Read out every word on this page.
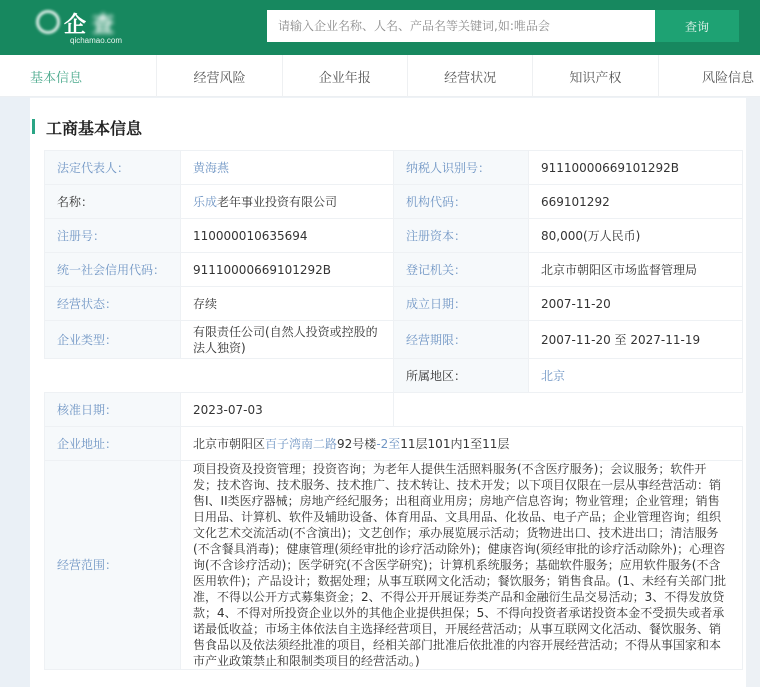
企查
qichamao.com
请输入企业名称、人名、产品名等关键词,如:唯品会
查询
基本信息	经营风险	企业年报	经营状况	知识产权	风险信息
工商基本信息
法定代表人：	黄海燕	纳税人识别号：	91110000669101292B
名称：	乐成老年事业投资有限公司	机构代码：	669101292
注册号：	110000010635694	注册资本：	80,000(万人民币)
统一社会信用代码：	91110000669101292B	登记机关：	北京市朝阳区市场监督管理局
经营状态：	存续	成立日期：	2007-11-20
企业类型：	有限责任公司(自然人投资或控股的法人独资)	经营期限：	2007-11-20 至 2027-11-19
		所属地区：	北京
核准日期：	2023-07-03		
企业地址：	北京市朝阳区百子湾南二路92号楼-2至11层101内1至11层		
经营范围：	项目投资及投资管理；投资咨询；为老年人提供生活照料服务(不含医疗服务)；会议服务；软件开发；技术咨询、技术服务、技术推广、技术转让、技术开发；以下项目仅限在一层从事经营活动：销售I、II类医疗器械；房地产经纪服务；出租商业用房；房地产信息咨询；物业管理；企业管理；销售日用品、计算机、软件及辅助设备、体育用品、文具用品、化妆品、电子产品；企业管理咨询；组织文化艺术交流活动(不含演出)；文艺创作；承办展览展示活动；货物进出口、技术进出口；清洁服务(不含餐具消毒)；健康管理(须经审批的诊疗活动除外)；健康咨询(须经审批的诊疗活动除外)；心理咨询(不含诊疗活动)；医学研究(不含医学研究)；计算机系统服务；基础软件服务；应用软件服务(不含医用软件)；产品设计；数据处理；从事互联网文化活动；餐饮服务；销售食品。(1、未经有关部门批准，不得以公开方式募集资金；2、不得公开开展证券类产品和金融衍生品交易活动；3、不得发放贷款；4、不得对所投资企业以外的其他企业提供担保；5、不得向投资者承诺投资本金不受损失或者承诺最低收益；市场主体依法自主选择经营项目，开展经营活动；从事互联网文化活动、餐饮服务、销售食品以及依法须经批准的项目，经相关部门批准后依批准的内容开展经营活动；不得从事国家和本市产业政策禁止和限制类项目的经营活动。)		
